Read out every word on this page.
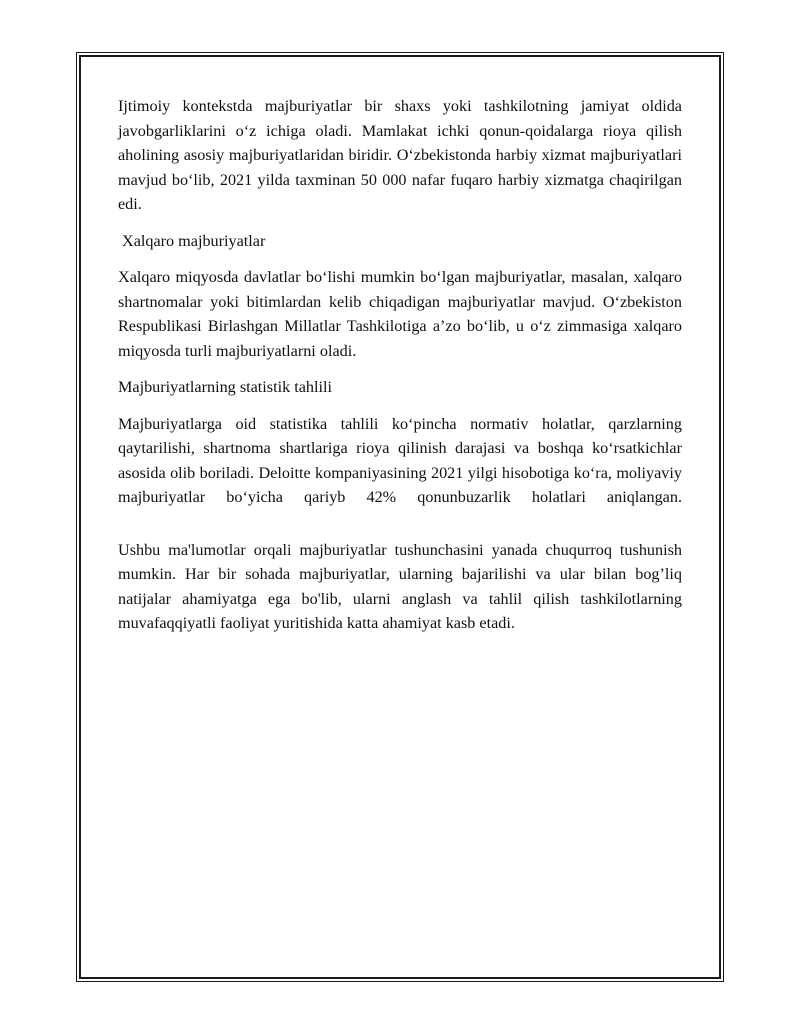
Ijtimoiy kontekstda majburiyatlar bir shaxs yoki tashkilotning jamiyat oldida javobgarliklarini o‘z ichiga oladi. Mamlakat ichki qonun-qoidalarga rioya qilish aholining asosiy majburiyatlaridan biridir. O‘zbekistonda harbiy xizmat majburiyatlari mavjud bo‘lib, 2021 yilda taxminan 50 000 nafar fuqaro harbiy xizmatga chaqirilgan edi.

Xalqaro majburiyatlar

Xalqaro miqyosda davlatlar bo‘lishi mumkin bo‘lgan majburiyatlar, masalan, xalqaro shartnomalar yoki bitimlardan kelib chiqadigan majburiyatlar mavjud. O‘zbekiston Respublikasi Birlashgan Millatlar Tashkilotiga a’zo bo‘lib, u o‘z zimmasiga xalqaro miqyosda turli majburiyatlarni oladi.

Majburiyatlarning statistik tahlili

Majburiyatlarga oid statistika tahlili ko‘pincha normativ holatlar, qarzlarning qaytarilishi, shartnoma shartlariga rioya qilinish darajasi va boshqa ko‘rsatkichlar asosida olib boriladi. Deloitte kompaniyasining 2021 yilgi hisobotiga ko‘ra, moliyaviy majburiyatlar bo‘yicha qariyb 42% qonunbuzarlik holatlari aniqlangan.

Ushbu ma'lumotlar orqali majburiyatlar tushunchasini yanada chuqurroq tushunish mumkin. Har bir sohada majburiyatlar, ularning bajarilishi va ular bilan bog’liq natijalar ahamiyatga ega bo'lib, ularni anglash va tahlil qilish tashkilotlarning muvafaqqiyatli faoliyat yuritishida katta ahamiyat kasb etadi.
